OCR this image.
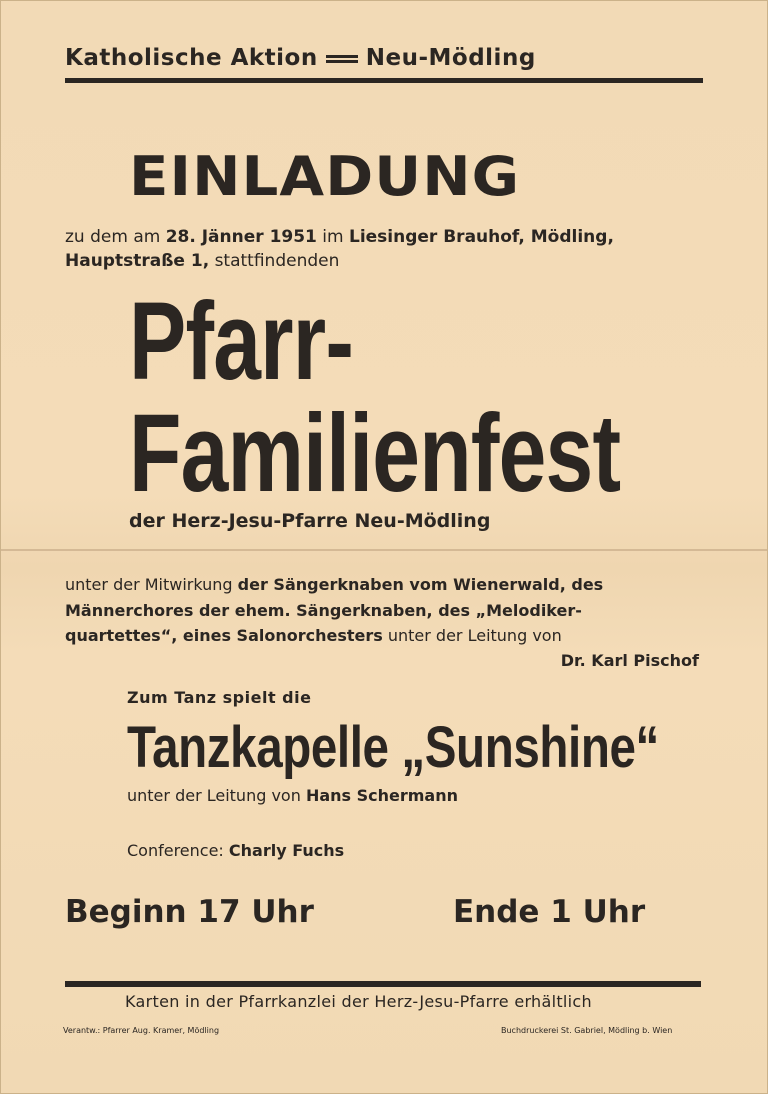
Katholische Aktion Neu-Mödling
EINLADUNG
zu dem am 28. Jänner 1951 im Liesinger Brauhof, Mödling,
Hauptstraße 1, stattfindenden
Pfarr-
Familienfest
der Herz-Jesu-Pfarre Neu-Mödling
unter der Mitwirkung der Sängerknaben vom Wienerwald, des
Männerchores der ehem. Sängerknaben, des „Melodiker-
quartettes“, eines Salonorchesters unter der Leitung von
Dr. Karl Pischof
Zum Tanz spielt die
Tanzkapelle „Sunshine“
unter der Leitung von Hans Schermann
Conference: Charly Fuchs
Beginn 17 Uhr	Ende 1 Uhr
Karten in der Pfarrkanzlei der Herz-Jesu-Pfarre erhältlich
Verantw.: Pfarrer Aug. Kramer, Mödling	Buchdruckerei St. Gabriel, Mödling b. Wien
